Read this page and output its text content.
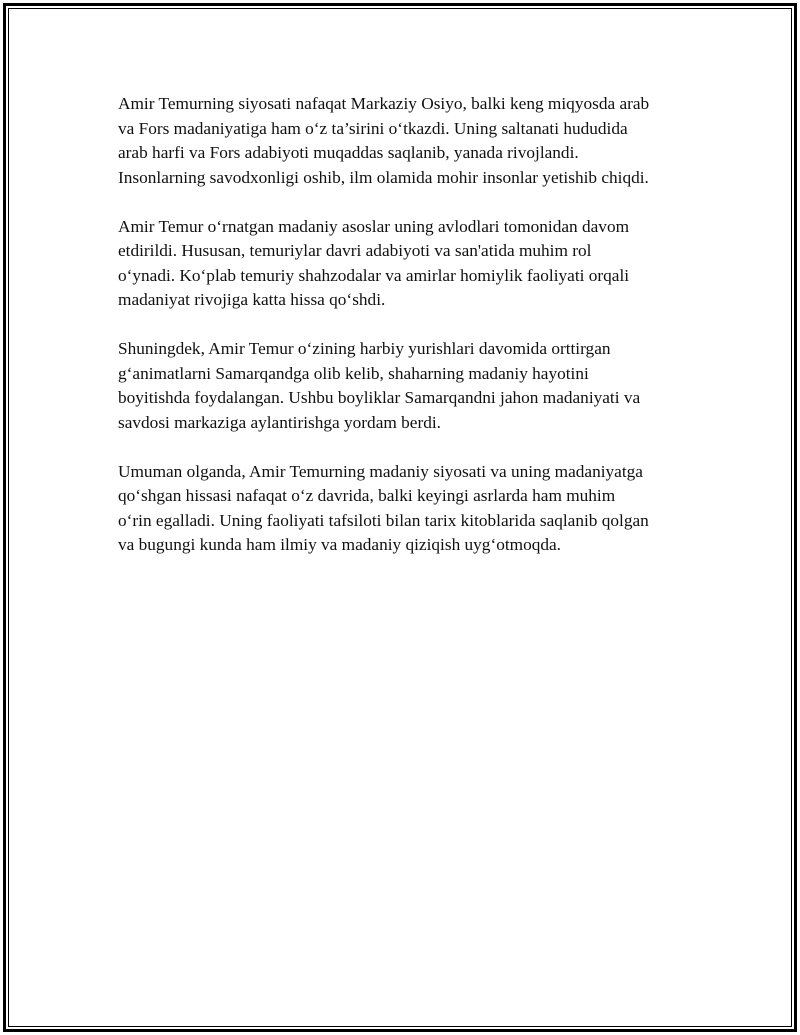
Amir Temurning siyosati nafaqat Markaziy Osiyo, balki keng miqyosda arab
va Fors madaniyatiga ham o‘z ta’sirini o‘tkazdi. Uning saltanati hududida
arab harfi va Fors adabiyoti muqaddas saqlanib, yanada rivojlandi.
Insonlarning savodxonligi oshib, ilm olamida mohir insonlar yetishib chiqdi.

Amir Temur o‘rnatgan madaniy asoslar uning avlodlari tomonidan davom
etdirildi. Hususan, temuriylar davri adabiyoti va san'atida muhim rol
o‘ynadi. Ko‘plab temuriy shahzodalar va amirlar homiylik faoliyati orqali
madaniyat rivojiga katta hissa qo‘shdi.

Shuningdek, Amir Temur o‘zining harbiy yurishlari davomida orttirgan
g‘animatlarni Samarqandga olib kelib, shaharning madaniy hayotini
boyitishda foydalangan. Ushbu boyliklar Samarqandni jahon madaniyati va
savdosi markaziga aylantirishga yordam berdi.

Umuman olganda, Amir Temurning madaniy siyosati va uning madaniyatga
qo‘shgan hissasi nafaqat o‘z davrida, balki keyingi asrlarda ham muhim
o‘rin egalladi. Uning faoliyati tafsiloti bilan tarix kitoblarida saqlanib qolgan
va bugungi kunda ham ilmiy va madaniy qiziqish uyg‘otmoqda.
